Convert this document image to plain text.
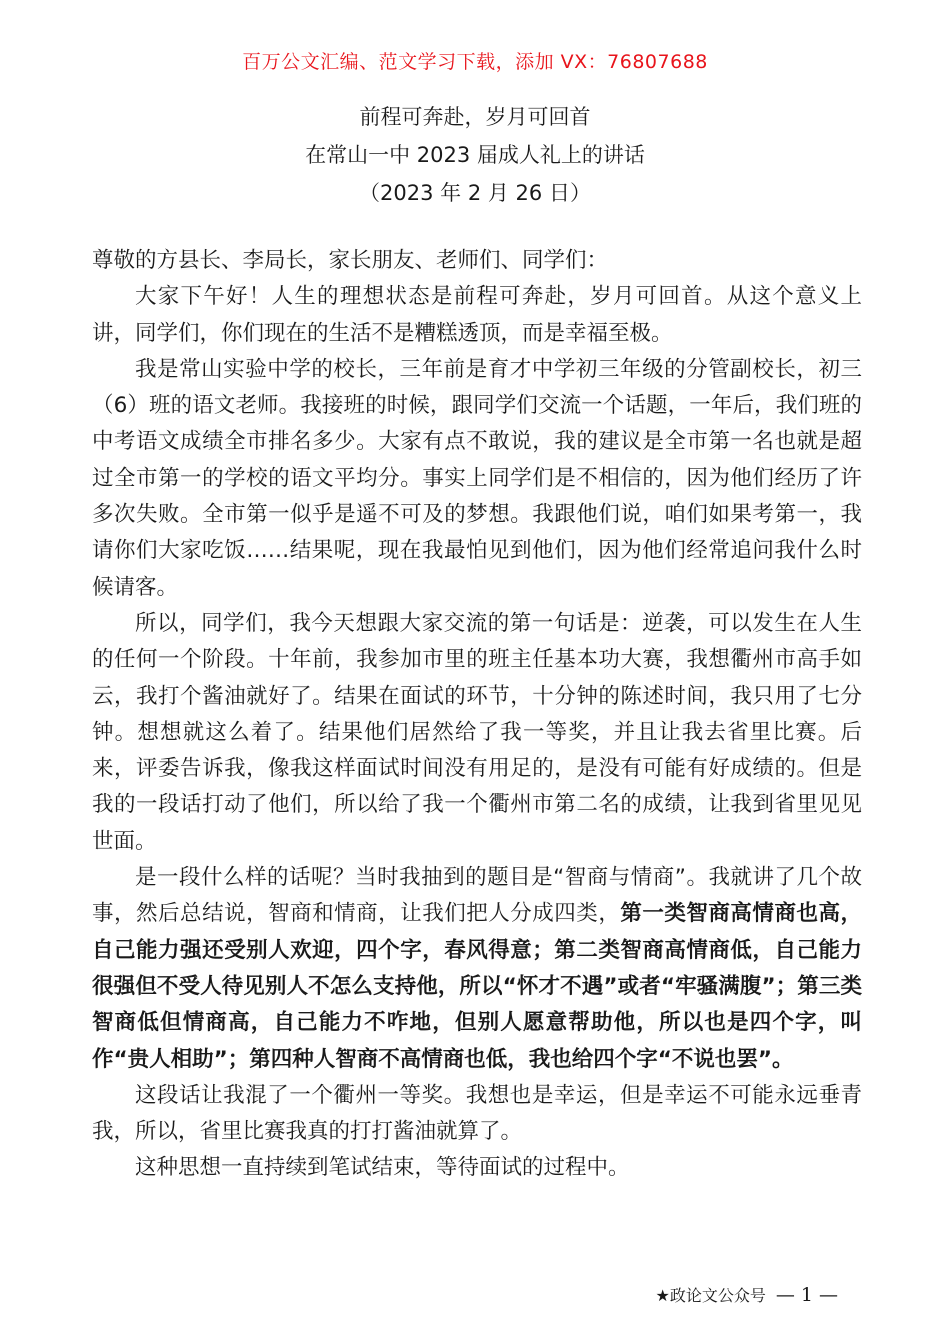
百万公文汇编、范文学习下载，添加 VX：76807688
前程可奔赴，岁月可回首
在常山一中 2023 届成人礼上的讲话
（2023 年 2 月 26 日）

尊敬的方县长、李局长，家长朋友、老师们、同学们：

大家下午好！人生的理想状态是前程可奔赴，岁月可回首。从这个意义上讲，同学们，你们现在的生活不是糟糕透顶，而是幸福至极。

我是常山实验中学的校长，三年前是育才中学初三年级的分管副校长，初三（6）班的语文老师。我接班的时候，跟同学们交流一个话题，一年后，我们班的中考语文成绩全市排名多少。大家有点不敢说，我的建议是全市第一名也就是超过全市第一的学校的语文平均分。事实上同学们是不相信的，因为他们经历了许多次失败。全市第一似乎是遥不可及的梦想。我跟他们说，咱们如果考第一，我请你们大家吃饭……结果呢，现在我最怕见到他们，因为他们经常追问我什么时候请客。

所以，同学们，我今天想跟大家交流的第一句话是：逆袭，可以发生在人生的任何一个阶段。十年前，我参加市里的班主任基本功大赛，我想衢州市高手如云，我打个酱油就好了。结果在面试的环节，十分钟的陈述时间，我只用了七分钟。想想就这么着了。结果他们居然给了我一等奖，并且让我去省里比赛。后来，评委告诉我，像我这样面试时间没有用足的，是没有可能有好成绩的。但是我的一段话打动了他们，所以给了我一个衢州市第二名的成绩，让我到省里见见世面。

是一段什么样的话呢？当时我抽到的题目是“智商与情商”。我就讲了几个故事，然后总结说，智商和情商，让我们把人分成四类，第一类智商高情商也高，自己能力强还受别人欢迎，四个字，春风得意；第二类智商高情商低，自己能力很强但不受人待见别人不怎么支持他，所以“怀才不遇”或者“牢骚满腹”；第三类智商低但情商高，自己能力不咋地，但别人愿意帮助他，所以也是四个字，叫作“贵人相助”；第四种人智商不高情商也低，我也给四个字“不说也罢”。

这段话让我混了一个衢州一等奖。我想也是幸运，但是幸运不可能永远垂青我，所以，省里比赛我真的打打酱油就算了。

这种思想一直持续到笔试结束，等待面试的过程中。

★政论文公众号 — 1 —
